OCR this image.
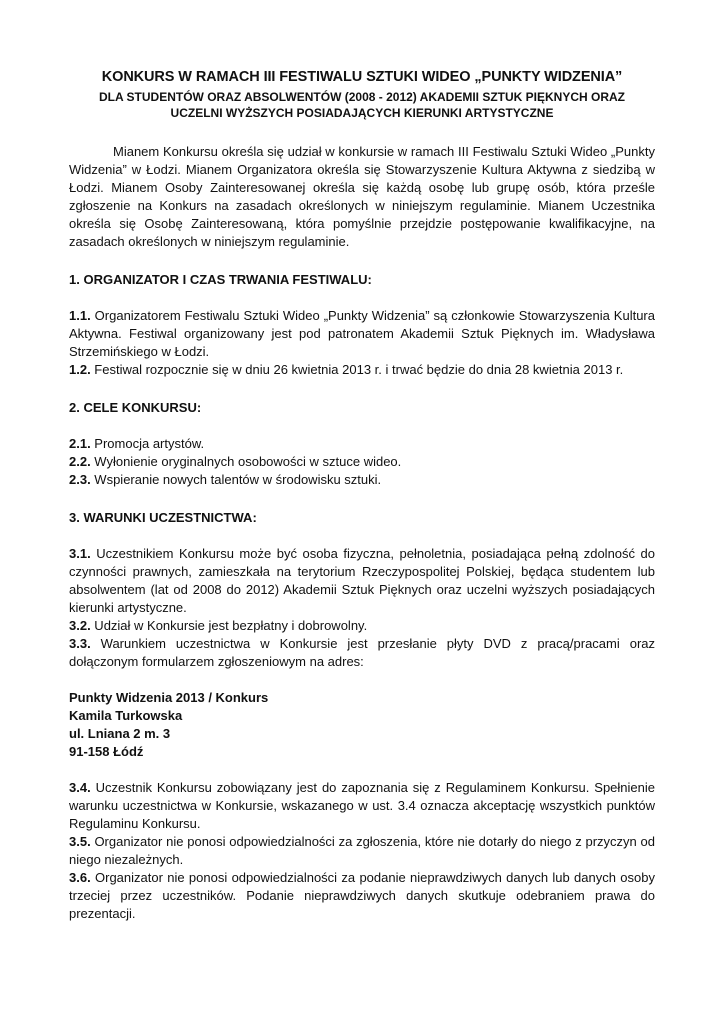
KONKURS W RAMACH III FESTIWALU SZTUKI WIDEO „PUNKTY WIDZENIA”

DLA STUDENTÓW ORAZ ABSOLWENTÓW (2008 - 2012) AKADEMII SZTUK PIĘKNYCH ORAZ
UCZELNI WYŻSZYCH POSIADAJĄCYCH KIERUNKI ARTYSTYCZNE

Mianem Konkursu określa się udział w konkursie w ramach III Festiwalu Sztuki Wideo „Punkty Widzenia” w Łodzi. Mianem Organizatora określa się Stowarzyszenie Kultura Aktywna z siedzibą w Łodzi. Mianem Osoby Zainteresowanej określa się każdą osobę lub grupę osób, która prześle zgłoszenie na Konkurs na zasadach określonych w niniejszym regulaminie. Mianem Uczestnika określa się Osobę Zainteresowaną, która pomyślnie przejdzie postępowanie kwalifikacyjne, na zasadach określonych w niniejszym regulaminie.

1. ORGANIZATOR I CZAS TRWANIA FESTIWALU:

1.1. Organizatorem Festiwalu Sztuki Wideo „Punkty Widzenia” są członkowie Stowarzyszenia Kultura Aktywna. Festiwal organizowany jest pod patronatem Akademii Sztuk Pięknych im. Władysława Strzemińskiego w Łodzi.

1.2. Festiwal rozpocznie się w dniu 26 kwietnia 2013 r. i trwać będzie do dnia 28 kwietnia 2013 r.

2. CELE KONKURSU:

2.1. Promocja artystów.

2.2. Wyłonienie oryginalnych osobowości w sztuce wideo.

2.3. Wspieranie nowych talentów w środowisku sztuki.

3. WARUNKI UCZESTNICTWA:

3.1. Uczestnikiem Konkursu może być osoba fizyczna, pełnoletnia, posiadająca pełną zdolność do czynności prawnych, zamieszkała na terytorium Rzeczypospolitej Polskiej, będąca studentem lub absolwentem (lat od 2008 do 2012) Akademii Sztuk Pięknych oraz uczelni wyższych posiadających kierunki artystyczne.

3.2. Udział w Konkursie jest bezpłatny i dobrowolny.

3.3. Warunkiem uczestnictwa w Konkursie jest przesłanie płyty DVD z pracą/pracami oraz dołączonym formularzem zgłoszeniowym na adres:

Punkty Widzenia 2013 / Konkurs
Kamila Turkowska
ul. Lniana 2 m. 3
91-158 Łódź

3.4. Uczestnik Konkursu zobowiązany jest do zapoznania się z Regulaminem Konkursu. Spełnienie warunku uczestnictwa w Konkursie, wskazanego w ust. 3.4 oznacza akceptację wszystkich punktów Regulaminu Konkursu.

3.5. Organizator nie ponosi odpowiedzialności za zgłoszenia, które nie dotarły do niego z przyczyn od niego niezależnych.

3.6. Organizator nie ponosi odpowiedzialności za podanie nieprawdziwych danych lub danych osoby trzeciej przez uczestników. Podanie nieprawdziwych danych skutkuje odebraniem prawa do prezentacji.
